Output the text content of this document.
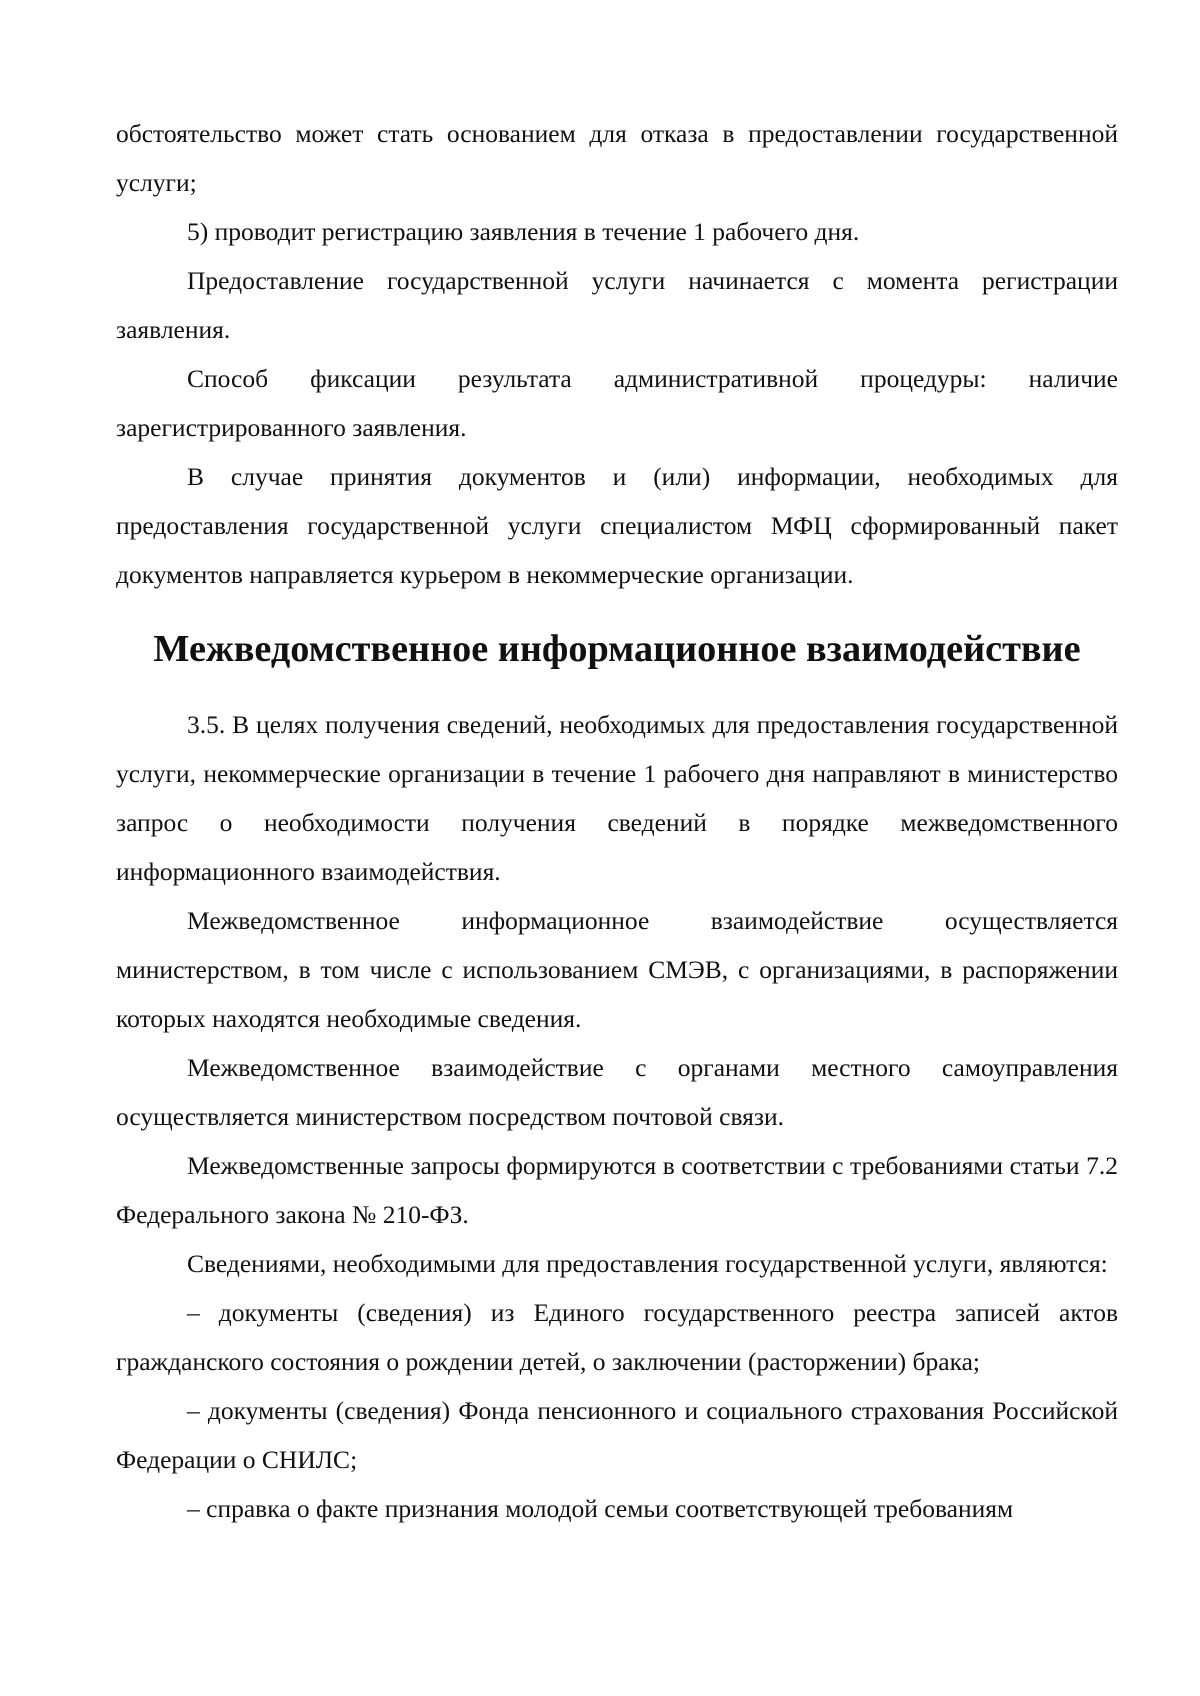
обстоятельство может стать основанием для отказа в предоставлении государственной услуги;

5) проводит регистрацию заявления в течение 1 рабочего дня.

Предоставление государственной услуги начинается с момента регистрации заявления.

Способ фиксации результата административной процедуры: наличие зарегистрированного заявления.

В случае принятия документов и (или) информации, необходимых для предоставления государственной услуги специалистом МФЦ сформированный пакет документов направляется курьером в некоммерческие организации.

Межведомственное информационное взаимодействие

3.5. В целях получения сведений, необходимых для предоставления государственной услуги, некоммерческие организации в течение 1 рабочего дня направляют в министерство запрос о необходимости получения сведений в порядке межведомственного информационного взаимодействия.

Межведомственное информационное взаимодействие осуществляется министерством, в том числе с использованием СМЭВ, с организациями, в распоряжении которых находятся необходимые сведения.

Межведомственное взаимодействие с органами местного самоуправления осуществляется министерством посредством почтовой связи.

Межведомственные запросы формируются в соответствии с требованиями статьи 7.2 Федерального закона № 210-ФЗ.

Сведениями, необходимыми для предоставления государственной услуги, являются:

– документы (сведения) из Единого государственного реестра записей актов гражданского состояния о рождении детей, о заключении (расторжении) брака;

– документы (сведения) Фонда пенсионного и социального страхования Российской Федерации о СНИЛС;

– справка о факте признания молодой семьи соответствующей требованиям
